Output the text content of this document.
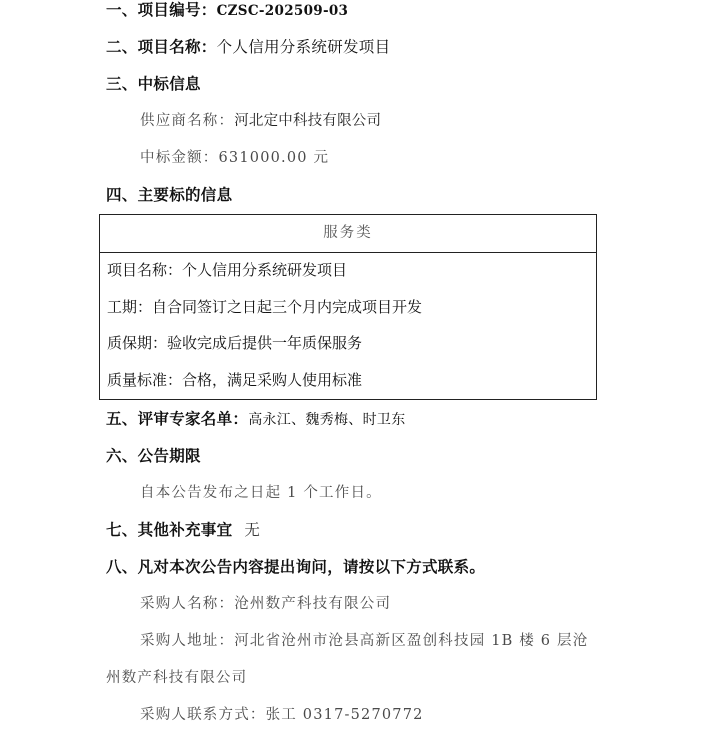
一、项目编号：CZSC-202509-03
二、项目名称：个人信用分系统研发项目
三、中标信息
供应商名称：河北定中科技有限公司
中标金额：631000.00 元
四、主要标的信息
服务类
项目名称：个人信用分系统研发项目
工期：自合同签订之日起三个月内完成项目开发
质保期：验收完成后提供一年质保服务
质量标准：合格，满足采购人使用标准
五、评审专家名单：高永江、魏秀梅、时卫东
六、公告期限
自本公告发布之日起 1 个工作日。
七、其他补充事宜 无
八、凡对本次公告内容提出询问，请按以下方式联系。
采购人名称：沧州数产科技有限公司
采购人地址：河北省沧州市沧县高新区盈创科技园 1B 楼 6 层沧
州数产科技有限公司
采购人联系方式：张工 0317-5270772
